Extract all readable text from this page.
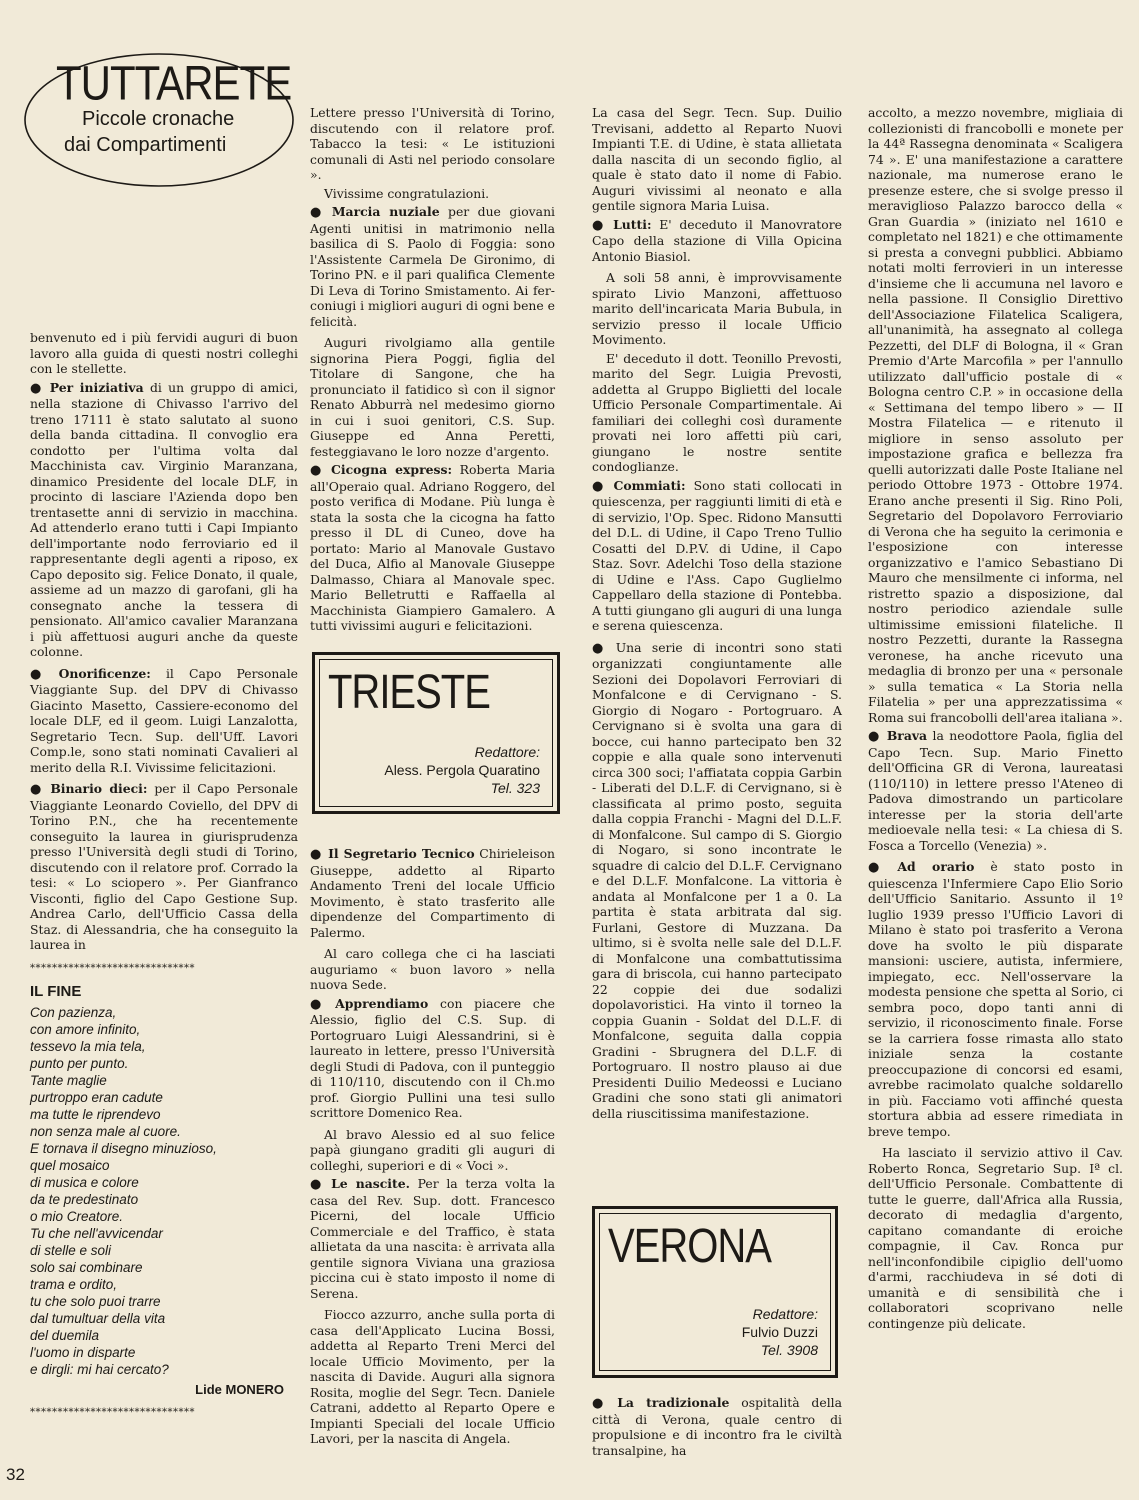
TUTTARETE
Piccole cronache
dai Compartimenti

benvenuto ed i più fervidi auguri di buon lavoro alla guida di questi nostri colleghi con le stellette.

● Per iniziativa di un gruppo di amici, nella stazione di Chivasso l'arrivo del treno 17111 è stato salutato al suono della banda cittadina. Il convoglio era condotto per l'ultima volta dal Macchinista cav. Virginio Maranzana, dinamico Presidente del locale DLF, in procinto di lasciare l'Azienda dopo ben trentasette anni di servizio in macchina. Ad attenderlo erano tutti i Capi Impianto dell'importante nodo ferroviario ed il rappresentante degli agenti a riposo, ex Capo deposito sig. Felice Donato, il quale, assieme ad un mazzo di garofani, gli ha consegnato anche la tessera di pensionato. All'amico cavalier Maranzana i più affettuosi auguri anche da queste colonne.
● Onorificenze: il Capo Personale Viaggiante Sup. del DPV di Chivasso Giacinto Masetto, Cassiere-economo del locale DLF, ed il geom. Luigi Lanzalotta, Segretario Tecn. Sup. dell'Uff. Lavori Comp.le, sono stati nominati Cavalieri al merito della R.I. Vivissime felicitazioni.
● Binario dieci: per il Capo Personale Viaggiante Leonardo Coviello, del DPV di Torino P.N., che ha recentemente conseguito la laurea in giurisprudenza presso l'Università degli studi di Torino, discutendo con il relatore prof. Corrado la tesi: « Lo sciopero ». Per Gianfranco Visconti, figlio del Capo Gestione Sup. Andrea Carlo, dell'Ufficio Cassa della Staz. di Alessandria, che ha conseguito la laurea in
******************************
IL FINE
Con pazienza,
con amore infinito,
tessevo la mia tela,
punto per punto.
Tante maglie
purtroppo eran cadute
ma tutte le riprendevo
non senza male al cuore.
E tornava il disegno minuzioso,
quel mosaico
di musica e colore
da te predestinato
o mio Creatore.
Tu che nell'avvicendar
di stelle e soli
solo sai combinare
trama e ordito,
tu che solo puoi trarre
dal tumultuar della vita
del duemila
l'uomo in disparte
e dirgli: mi hai cercato?
Lide MONERO
******************************

Lettere presso l'Università di Torino, discutendo con il relatore prof. Tabacco la tesi: « Le istituzioni comunali di Asti nel periodo consolare ».

Vivissime congratulazioni.

● Marcia nuziale per due giovani Agenti unitisi in matrimonio nella basilica di S. Paolo di Foggia: sono l'Assistente Carmela De Gironimo, di Torino PN. e il pari qualifica Clemente Di Leva di Torino Smistamento. Ai fer-coniugi i migliori auguri di ogni bene e felicità.

Auguri rivolgiamo alla gentile signorina Piera Poggi, figlia del Titolare di Sangone, che ha pronunciato il fatidico sì con il signor Renato Abburrà nel medesimo giorno in cui i suoi genitori, C.S. Sup. Giuseppe ed Anna Peretti, festeggiavano le loro nozze d'argento.

● Cicogna express: Roberta Maria all'Operaio qual. Adriano Roggero, del posto verifica di Modane. Più lunga è stata la sosta che la cicogna ha fatto presso il DL di Cuneo, dove ha portato: Mario al Manovale Gustavo del Duca, Alfio al Manovale Giuseppe Dalmasso, Chiara al Manovale spec. Mario Belletrutti e Raffaella al Macchinista Giampiero Gamalero. A tutti vivissimi auguri e felicitazioni.
TRIESTE
Redattore:
Aless. Pergola Quaratino
Tel. 323
● Il Segretario Tecnico Chirieleison Giuseppe, addetto al Riparto Andamento Treni del locale Ufficio Movimento, è stato trasferito alle dipendenze del Compartimento di Palermo.

Al caro collega che ci ha lasciati auguriamo « buon lavoro » nella nuova Sede.

● Apprendiamo con piacere che Alessio, figlio del C.S. Sup. di Portogruaro Luigi Alessandrini, si è laureato in lettere, presso l'Università degli Studi di Padova, con il punteggio di 110/110, discutendo con il Ch.mo prof. Giorgio Pullini una tesi sullo scrittore Domenico Rea.

Al bravo Alessio ed al suo felice papà giungano graditi gli auguri di colleghi, superiori e di « Voci ».

● Le nascite. Per la terza volta la casa del Rev. Sup. dott. Francesco Picerni, del locale Ufficio Commerciale e del Traffico, è stata allietata da una nascita: è arrivata alla gentile signora Viviana una graziosa piccina cui è stato imposto il nome di Serena.

Fiocco azzurro, anche sulla porta di casa dell'Applicato Lucina Bossi, addetta al Reparto Treni Merci del locale Ufficio Movimento, per la nascita di Davide. Auguri alla signora Rosita, moglie del Segr. Tecn. Daniele Catrani, addetto al Reparto Opere e Impianti Speciali del locale Ufficio Lavori, per la nascita di Angela.

La casa del Segr. Tecn. Sup. Duilio Trevisani, addetto al Reparto Nuovi Impianti T.E. di Udine, è stata allietata dalla nascita di un secondo figlio, al quale è stato dato il nome di Fabio. Auguri vivissimi al neonato e alla gentile signora Maria Luisa.

● Lutti: E' deceduto il Manovratore Capo della stazione di Villa Opicina Antonio Biasiol.

A soli 58 anni, è improvvisamente spirato Livio Manzoni, affettuoso marito dell'incaricata Maria Bubula, in servizio presso il locale Ufficio Movimento.

E' deceduto il dott. Teonillo Prevosti, marito del Segr. Luigia Prevosti, addetta al Gruppo Biglietti del locale Ufficio Personale Compartimentale. Ai familiari dei colleghi così duramente provati nei loro affetti più cari, giungano le nostre sentite condoglianze.

● Commiati: Sono stati collocati in quiescenza, per raggiunti limiti di età e di servizio, l'Op. Spec. Ridono Mansutti del D.L. di Udine, il Capo Treno Tullio Cosatti del D.P.V. di Udine, il Capo Staz. Sovr. Adelchi Toso della stazione di Udine e l'Ass. Capo Guglielmo Cappellaro della stazione di Pontebba. A tutti giungano gli auguri di una lunga e serena quiescenza.
● Una serie di incontri sono stati organizzati congiuntamente alle Sezioni dei Dopolavori Ferroviari di Monfalcone e di Cervignano - S. Giorgio di Nogaro - Portogruaro. A Cervignano si è svolta una gara di bocce, cui hanno partecipato ben 32 coppie e alla quale sono intervenuti circa 300 soci; l'affiatata coppia Garbin - Liberati del D.L.F. di Cervignano, si è classificata al primo posto, seguita dalla coppia Franchi - Magni del D.L.F. di Monfalcone. Sul campo di S. Giorgio di Nogaro, si sono incontrate le squadre di calcio del D.L.F. Cervignano e del D.L.F. Monfalcone. La vittoria è andata al Monfalcone per 1 a 0. La partita è stata arbitrata dal sig. Furlani, Gestore di Muzzana. Da ultimo, si è svolta nelle sale del D.L.F. di Monfalcone una combattutissima gara di briscola, cui hanno partecipato 22 coppie dei due sodalizi dopolavoristici. Ha vinto il torneo la coppia Guanin - Soldat del D.L.F. di Monfalcone, seguita dalla coppia Gradini - Sbrugnera del D.L.F. di Portogruaro. Il nostro plauso ai due Presidenti Duilio Medeossi e Luciano Gradini che sono stati gli animatori della riuscitissima manifestazione.
VERONA
Redattore:
Fulvio Duzzi
Tel. 3908
● La tradizionale ospitalità della città di Verona, quale centro di propulsione e di incontro fra le civiltà transalpine, ha

accolto, a mezzo novembre, migliaia di collezionisti di francobolli e monete per la 44ª Rassegna denominata « Scaligera 74 ». E' una manifestazione a carattere nazionale, ma numerose erano le presenze estere, che si svolge presso il meraviglioso Palazzo barocco della « Gran Guardia » (iniziato nel 1610 e completato nel 1821) e che ottimamente si presta a convegni pubblici. Abbiamo notati molti ferrovieri in un interesse d'insieme che li accumuna nel lavoro e nella passione. Il Consiglio Direttivo dell'Associazione Filatelica Scaligera, all'unanimità, ha assegnato al collega Pezzetti, del DLF di Bologna, il « Gran Premio d'Arte Marcofila » per l'annullo utilizzato dall'ufficio postale di « Bologna centro C.P. » in occasione della « Settimana del tempo libero » — II Mostra Filatelica — e ritenuto il migliore in senso assoluto per impostazione grafica e bellezza fra quelli autorizzati dalle Poste Italiane nel periodo Ottobre 1973 - Ottobre 1974. Erano anche presenti il Sig. Rino Poli, Segretario del Dopolavoro Ferroviario di Verona che ha seguito la cerimonia e l'esposizione con interesse organizzativo e l'amico Sebastiano Di Mauro che mensilmente ci informa, nel ristretto spazio a disposizione, dal nostro periodico aziendale sulle ultimissime emissioni filateliche. Il nostro Pezzetti, durante la Rassegna veronese, ha anche ricevuto una medaglia di bronzo per una « personale » sulla tematica « La Storia nella Filatelia » per una apprezzatissima « Roma sui francobolli dell'area italiana ».

● Brava la neodottore Paola, figlia del Capo Tecn. Sup. Mario Finetto dell'Officina GR di Verona, laureatasi (110/110) in lettere presso l'Ateneo di Padova dimostrando un particolare interesse per la storia dell'arte medioevale nella tesi: « La chiesa di S. Fosca a Torcello (Venezia) ».
● Ad orario è stato posto in quiescenza l'Infermiere Capo Elio Sorio dell'Ufficio Sanitario. Assunto il 1º luglio 1939 presso l'Ufficio Lavori di Milano è stato poi trasferito a Verona dove ha svolto le più disparate mansioni: usciere, autista, infermiere, impiegato, ecc. Nell'osservare la modesta pensione che spetta al Sorio, ci sembra poco, dopo tanti anni di servizio, il riconoscimento finale. Forse se la carriera fosse rimasta allo stato iniziale senza la costante preoccupazione di concorsi ed esami, avrebbe racimolato qualche soldarello in più. Facciamo voti affinché questa stortura abbia ad essere rimediata in breve tempo.

Ha lasciato il servizio attivo il Cav. Roberto Ronca, Segretario Sup. Iª cl. dell'Ufficio Personale. Combattente di tutte le guerre, dall'Africa alla Russia, decorato di medaglia d'argento, capitano comandante di eroiche compagnie, il Cav. Ronca pur nell'inconfondibile cipiglio dell'uomo d'armi, racchiudeva in sé doti di umanità e di sensibilità che i collaboratori scoprivano nelle contingenze più delicate.

32
